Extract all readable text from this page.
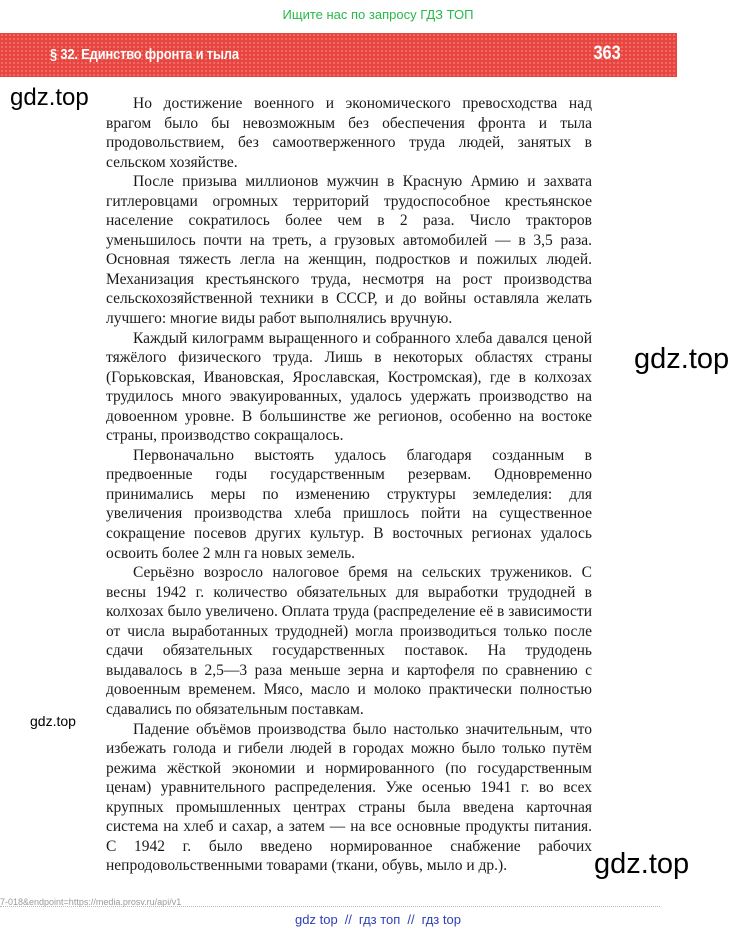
Ищите нас по запросу ГДЗ ТОП
§ 32. Единство фронта и тыла	363
gdz.top
gdz.top
gdz.top
gdz.top

Но достижение военного и экономического превосходства над врагом было бы невозможным без обеспечения фронта и тыла продовольствием, без самоотверженного труда людей, занятых в сельском хозяйстве.

После призыва миллионов мужчин в Красную Армию и захвата гитлеровцами огромных территорий трудоспособное крестьянское население сократилось более чем в 2 раза. Число тракторов уменьшилось почти на треть, а грузовых автомобилей — в 3,5 раза. Основная тяжесть легла на женщин, подростков и пожилых людей. Механизация крестьянского труда, несмотря на рост производства сельскохозяйственной техники в СССР, и до войны оставляла желать лучшего: многие виды работ выполнялись вручную.

Каждый килограмм выращенного и собранного хлеба давался ценой тяжёлого физического труда. Лишь в некоторых областях страны (Горьковская, Ивановская, Ярославская, Костромская), где в колхозах трудилось много эвакуированных, удалось удержать производство на довоенном уровне. В большинстве же регионов, особенно на востоке страны, производство сокращалось.

Первоначально выстоять удалось благодаря созданным в предвоенные годы государственным резервам. Одновременно принимались меры по изменению структуры земледелия: для увеличения производства хлеба пришлось пойти на существенное сокращение посевов других культур. В восточных регионах удалось освоить более 2 млн га новых земель.

Серьёзно возросло налоговое бремя на сельских тружеников. С весны 1942 г. количество обязательных для выработки трудодней в колхозах было увеличено. Оплата труда (распределение её в зависимости от числа выработанных трудодней) могла производиться только после сдачи обязательных государственных поставок. На трудодень выдавалось в 2,5—3 раза меньше зерна и картофеля по сравнению с довоенным временем. Мясо, масло и молоко практически полностью сдавались по обязательным поставкам.

Падение объёмов производства было настолько значительным, что избежать голода и гибели людей в городах можно было только путём режима жёсткой экономии и нормированного (по государственным ценам) уравнительного распределения. Уже осенью 1941 г. во всех крупных промышленных центрах страны была введена карточная система на хлеб и сахар, а затем — на все основные продукты питания. С 1942 г. было введено нормированное снабжение рабочих непродовольственными товарами (ткани, обувь, мыло и др.).

7-018&endpoint=https://media.prosv.ru/api/v1
gdz top // гдз топ // гдз top
